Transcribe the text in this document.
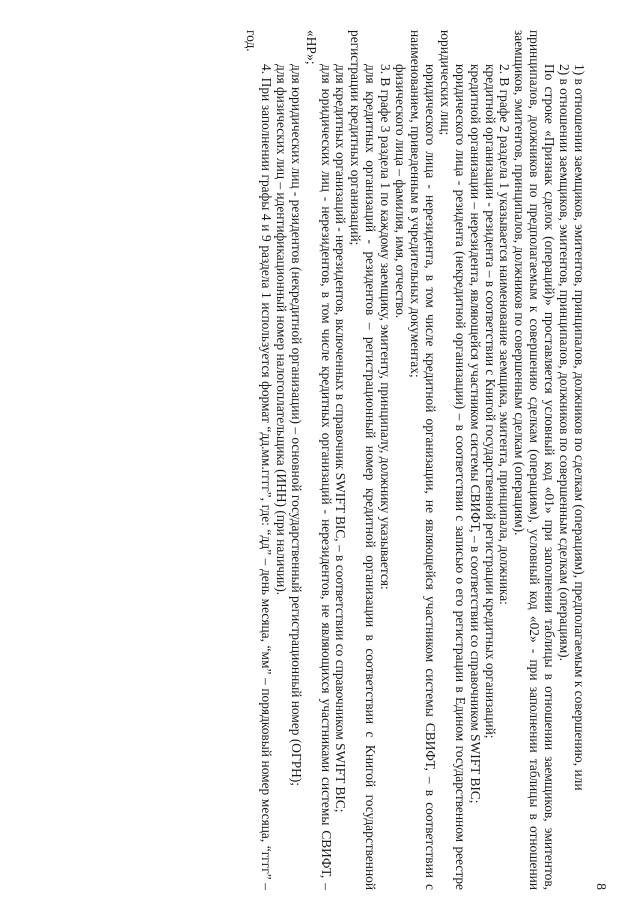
8

1) в отношении заемщиков, эмитентов, принципалов, должников по сделкам (операциям), предполагаемым к совершению, или

2) в отношении заемщиков, эмитентов, принципалов, должников по совершенным сделкам (операциям).

По строке «Признак сделок (операций)» проставляется условный код «01» при заполнении таблицы в отношении заемщиков, эмитентов, принципалов, должников по предполагаемым к совершению сделкам (операциям), условный код «02» - при заполнении таблицы в отношении заемщиков, эмитентов, принципалов, должников по совершенным сделкам (операциям).

2. В графе 2 раздела 1 указывается наименование заемщика, эмитента, принципала, должника:

кредитной организации - резидента – в соответствии с Книгой государственной регистрации кредитных организаций;

кредитной организации – нерезидента, являющейся участником системы СВИФТ, – в соответствии со справочником SWIFT BIC;

юридического лица - резидента (некредитной организации) – в соответствии с записью о его регистрации в Едином государственном реестре юридических лиц;

юридического лица - нерезидента, в том числе кредитной организации, не являющейся участником системы СВИФТ, – в соответствии с наименованием, приведенным в учредительных документах;

физического лица – фамилия, имя, отчество.

3. В графе 3 раздела 1 по каждому заемщику, эмитенту, принципалу, должнику указывается:

для кредитных организаций - резидентов – регистрационный номер кредитной организации в соответствии с Книгой государственной регистрации кредитных организаций;

для кредитных организаций - нерезидентов, включенных в справочник SWIFT BIC, – в соответствии со справочником SWIFT BIC;

для юридических лиц - нерезидентов, в том числе кредитных организаций - нерезидентов, не являющихся участниками системы СВИФТ, – «НР»;

для юридических лиц - резидентов (некредитной организации) – основной государственный регистрационный номер (ОГРН);

для физических лиц – идентификационный номер налогоплательщика (ИНН) (при наличии).

4. При заполнении графы 4 и 9 раздела 1 используется формат “дд.мм.гггг”, где: “дд” – день месяца, “мм” – порядковый номер месяца, “гггг” – год.
